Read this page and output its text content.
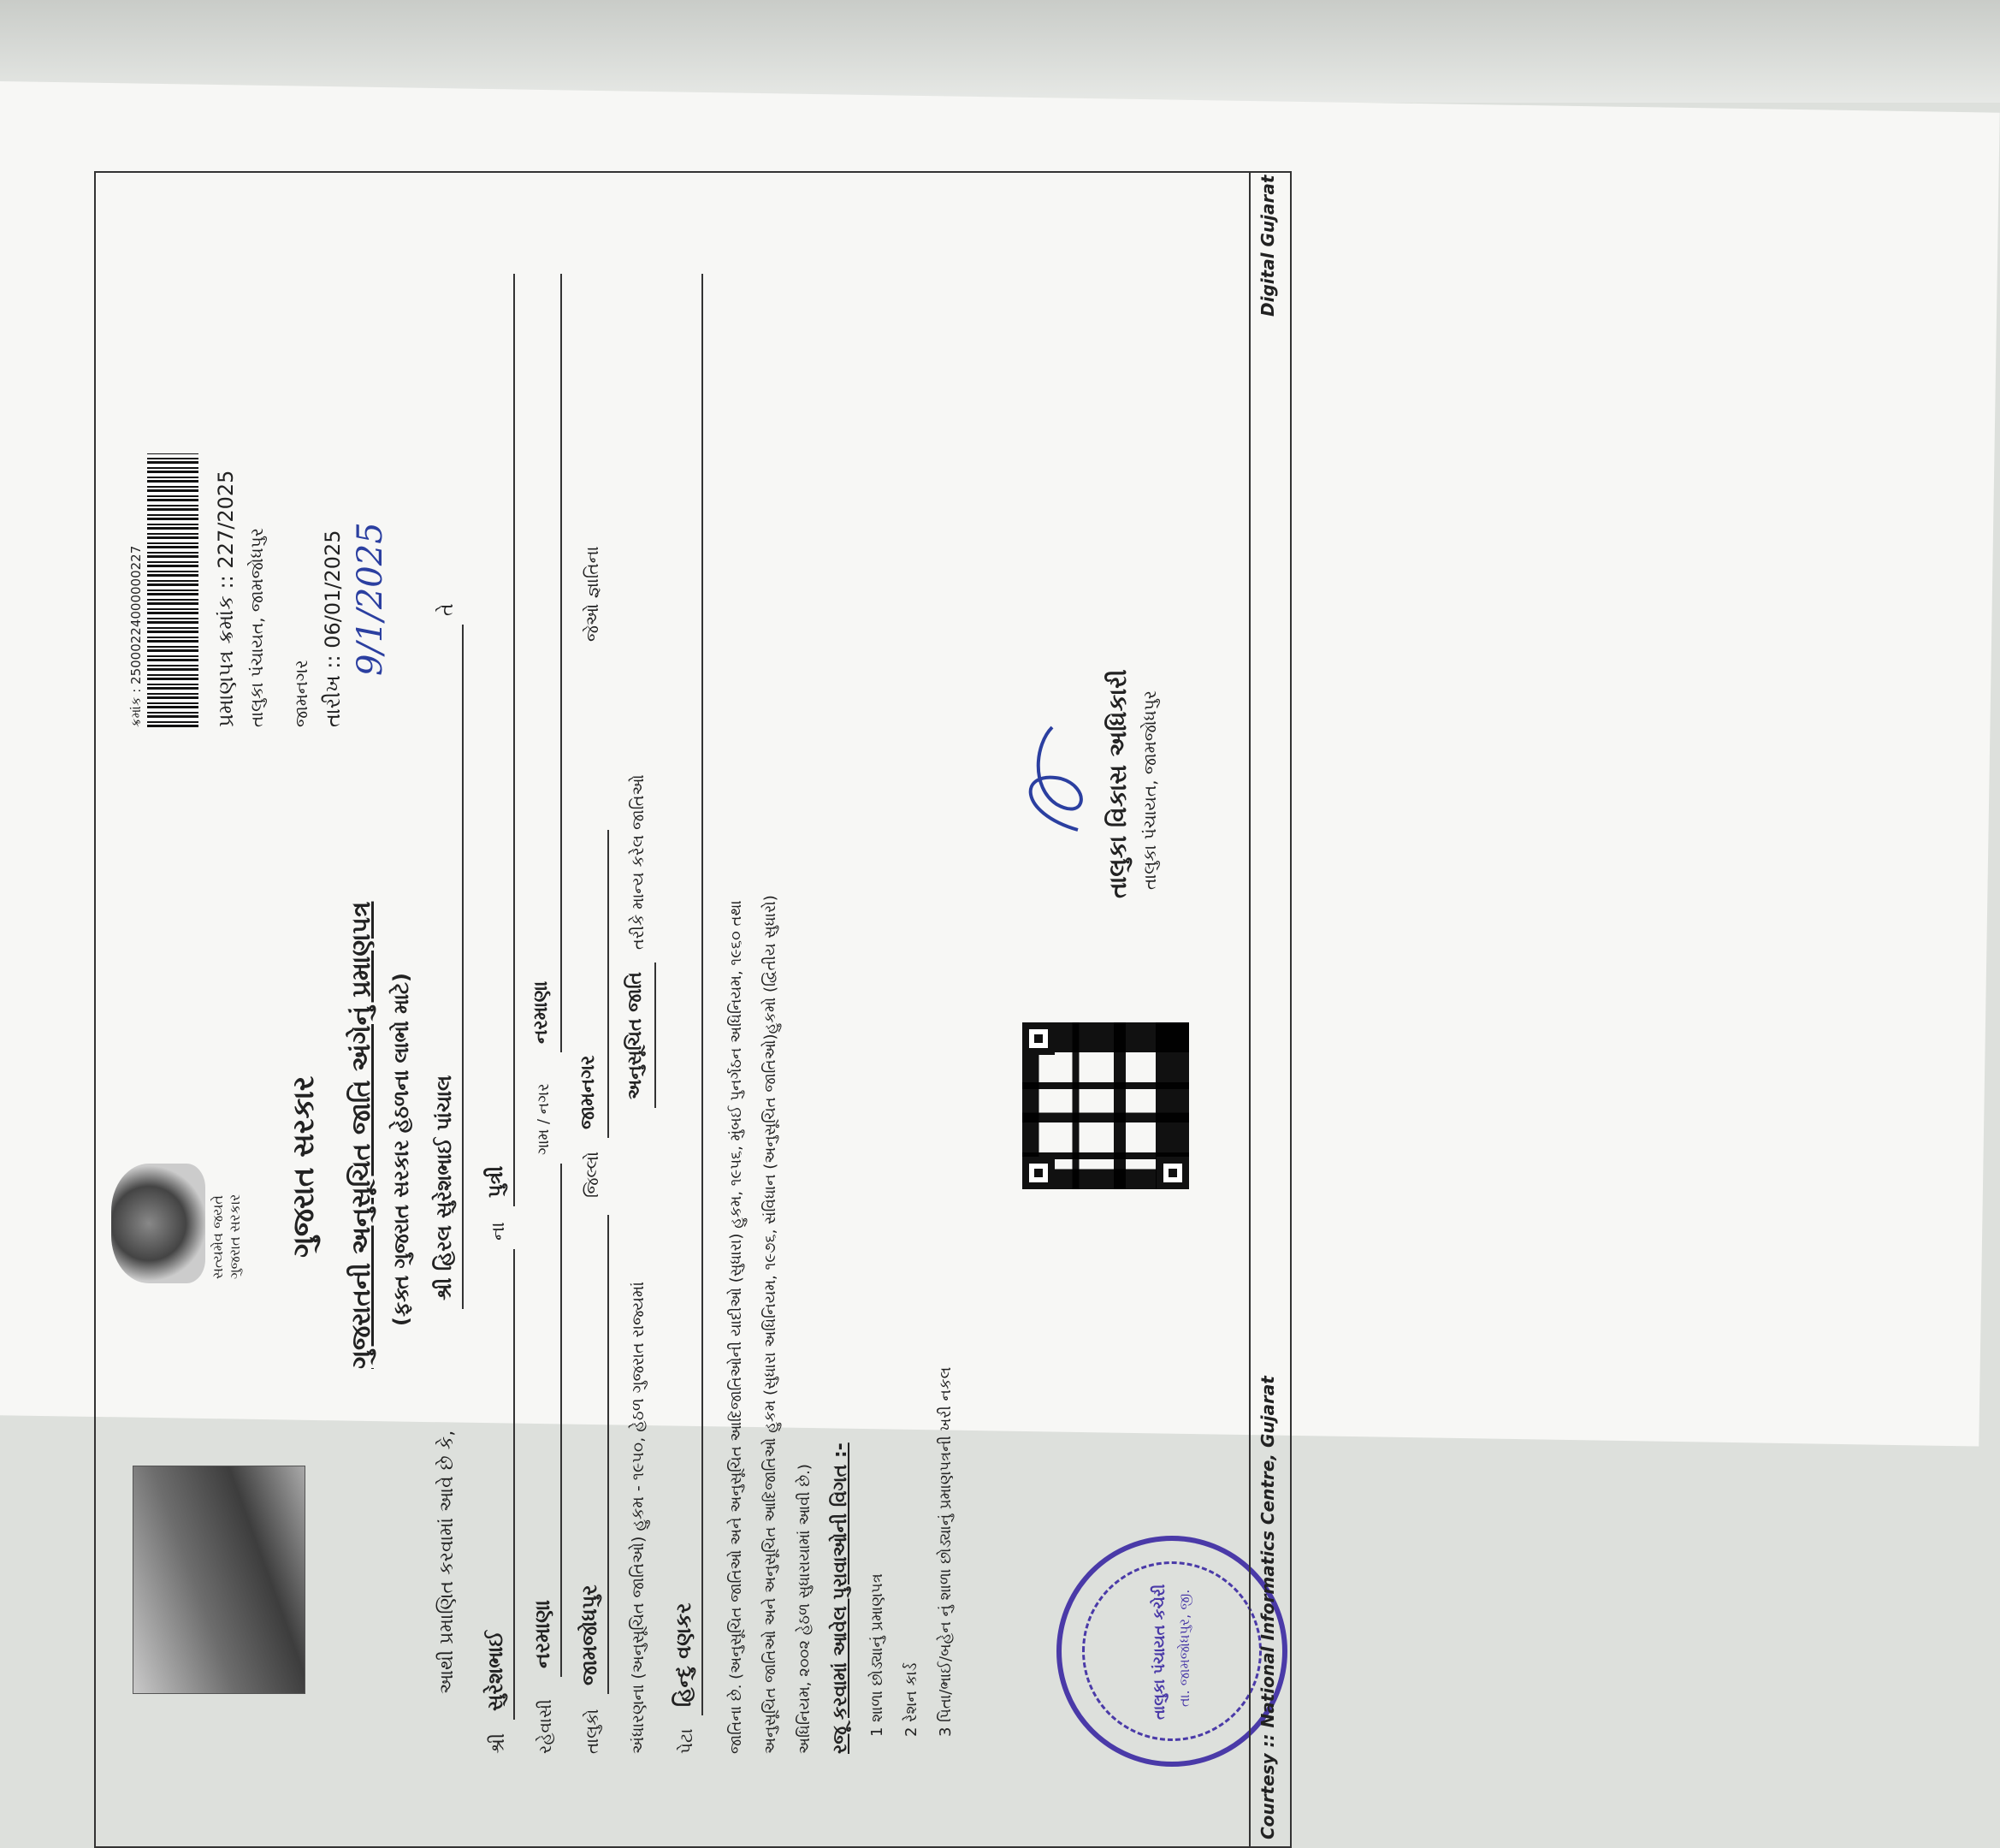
સત્યમેવ જયતે ગુજરાત સરકાર
ક્રમાંક : 25000224000000227	પ્રમાણપત્ર ક્રમાંક :: 227/2025 તાલુકા પંચાયત, જામજોધપુર જામનગર તારીખ :: 06/01/2025 9/1/2025
ગુજરાત સરકાર ગુજરાતની અનુસૂચિત જાતિ અંગેનું પ્રમાણપત્ર (ફક્ત ગુજરાત સરકાર હેઠળના લાભો માટે)
આથી પ્રમાણિત કરવામાં આવે છે કે,
શ્રી હિરલ સુરેશભાઈ પાંચાલ
તે
શ્રી
સુરેશભાઈ
ના
પુત્રી
રહેવાસી
નરમાણા
ગામ / નગર
નરમાણા
તાલુકો
જામજોધપુર
જિલ્લો
જામનગર
જેઓ જ્ઞાતિના
અંધારણના (અનુસૂચિત જાતિઓ) હુકમ - ૧૯૫૦, હેઠળ ગુજરાત રાજ્યમાં
અનુસૂચિત જાતિ
તરીકે માન્ય કરેલ જાતિઓ
પેટા
હિન્દુ વણકર જાતિના છે. (અનુસૂચિત જાતિઓ અને અનુસૂચિત આદિજાતિઓની યાદીઓ (સુધારા) હુકમ, ૧૯૫૬, મુંબઈ પુનર્ગઠન અધિનિયમ, ૧૯૬૦ તથા અનુસૂચિત જાતિઓ અને અનુસૂચિત આદિજાતિઓ હુકમ (સુધારા અધિનિયમ, ૧૯૭૬, સંવિધાન (અનુસૂચિત જાતિઓ)હુકમો (દ્વિતીય સુધારો) અધિનિયમ, ૨૦૦૨ હેઠળ સુધારાયામાં આવી છે.) રજૂ કરવામાં આવેલ પુરાવાઓની વિગત :- 1 શાળા છોડ્યાનું પ્રમાણપત્ર 2 રેશન કાર્ડ 3 પિતા/ભાઈ/બહેન નું શાળા છોડ્યાનું પ્રમાણપત્રની ખરી નકલ
તાલુકા વિકાસ અધિકારી તાલુકા પંચાયત, જામજોધપુર
તાલુકા પંચાયત કચેરી તા. જામજોધપુર, જી.	Courtesy :: National Informatics Centre, Gujarat
Digital Gujarat
